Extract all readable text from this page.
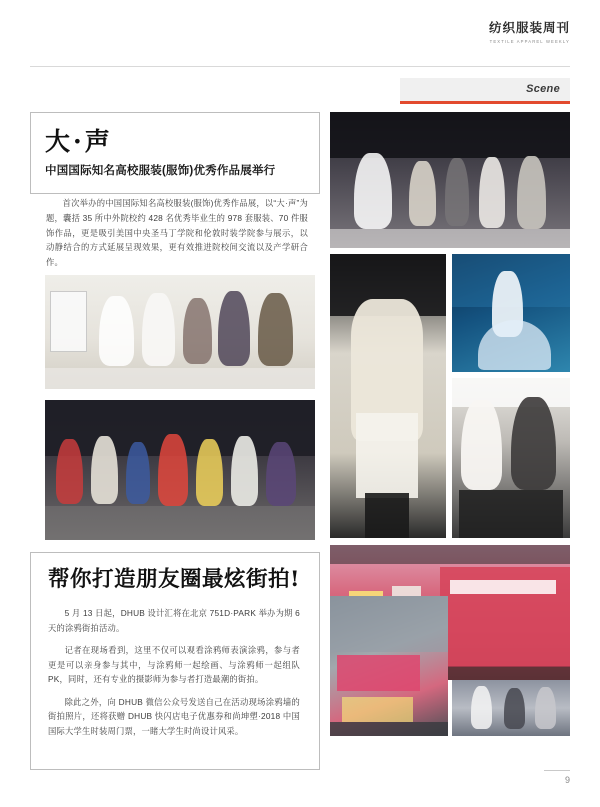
纺织服装周刊
TEXTILE APPAREL WEEKLY
Scene
大·声

中国国际知名高校服装(服饰)优秀作品展举行

首次举办的中国国际知名高校服装(服饰)优秀作品展，以“大·声”为题，囊括 35 所中外院校约 428 名优秀毕业生的 978 套服装、70 件服饰作品，更是吸引美国中央圣马丁学院和伦敦时装学院参与展示，以动静结合的方式延展呈现效果，更有效推进院校间交流以及产学研合作。

帮你打造朋友圈最炫街拍!

5 月 13 日起，DHUB 设计汇将在北京 751D·PARK 举办为期 6 天的涂鸦街拍活动。

记者在现场看到，这里不仅可以观看涂鸦师表演涂鸦，参与者更是可以亲身参与其中，与涂鸦师一起绘画、与涂鸦师一起组队 PK，同时，还有专业的摄影师为参与者打造最潮的街拍。

除此之外，向 DHUB 微信公众号发送自己在活动现场涂鸦墙的街拍照片，还将获赠 DHUB 快闪店电子优惠券和尚坤塑·2018 中国国际大学生时装周门票，一睹大学生时尚设计风采。

9
